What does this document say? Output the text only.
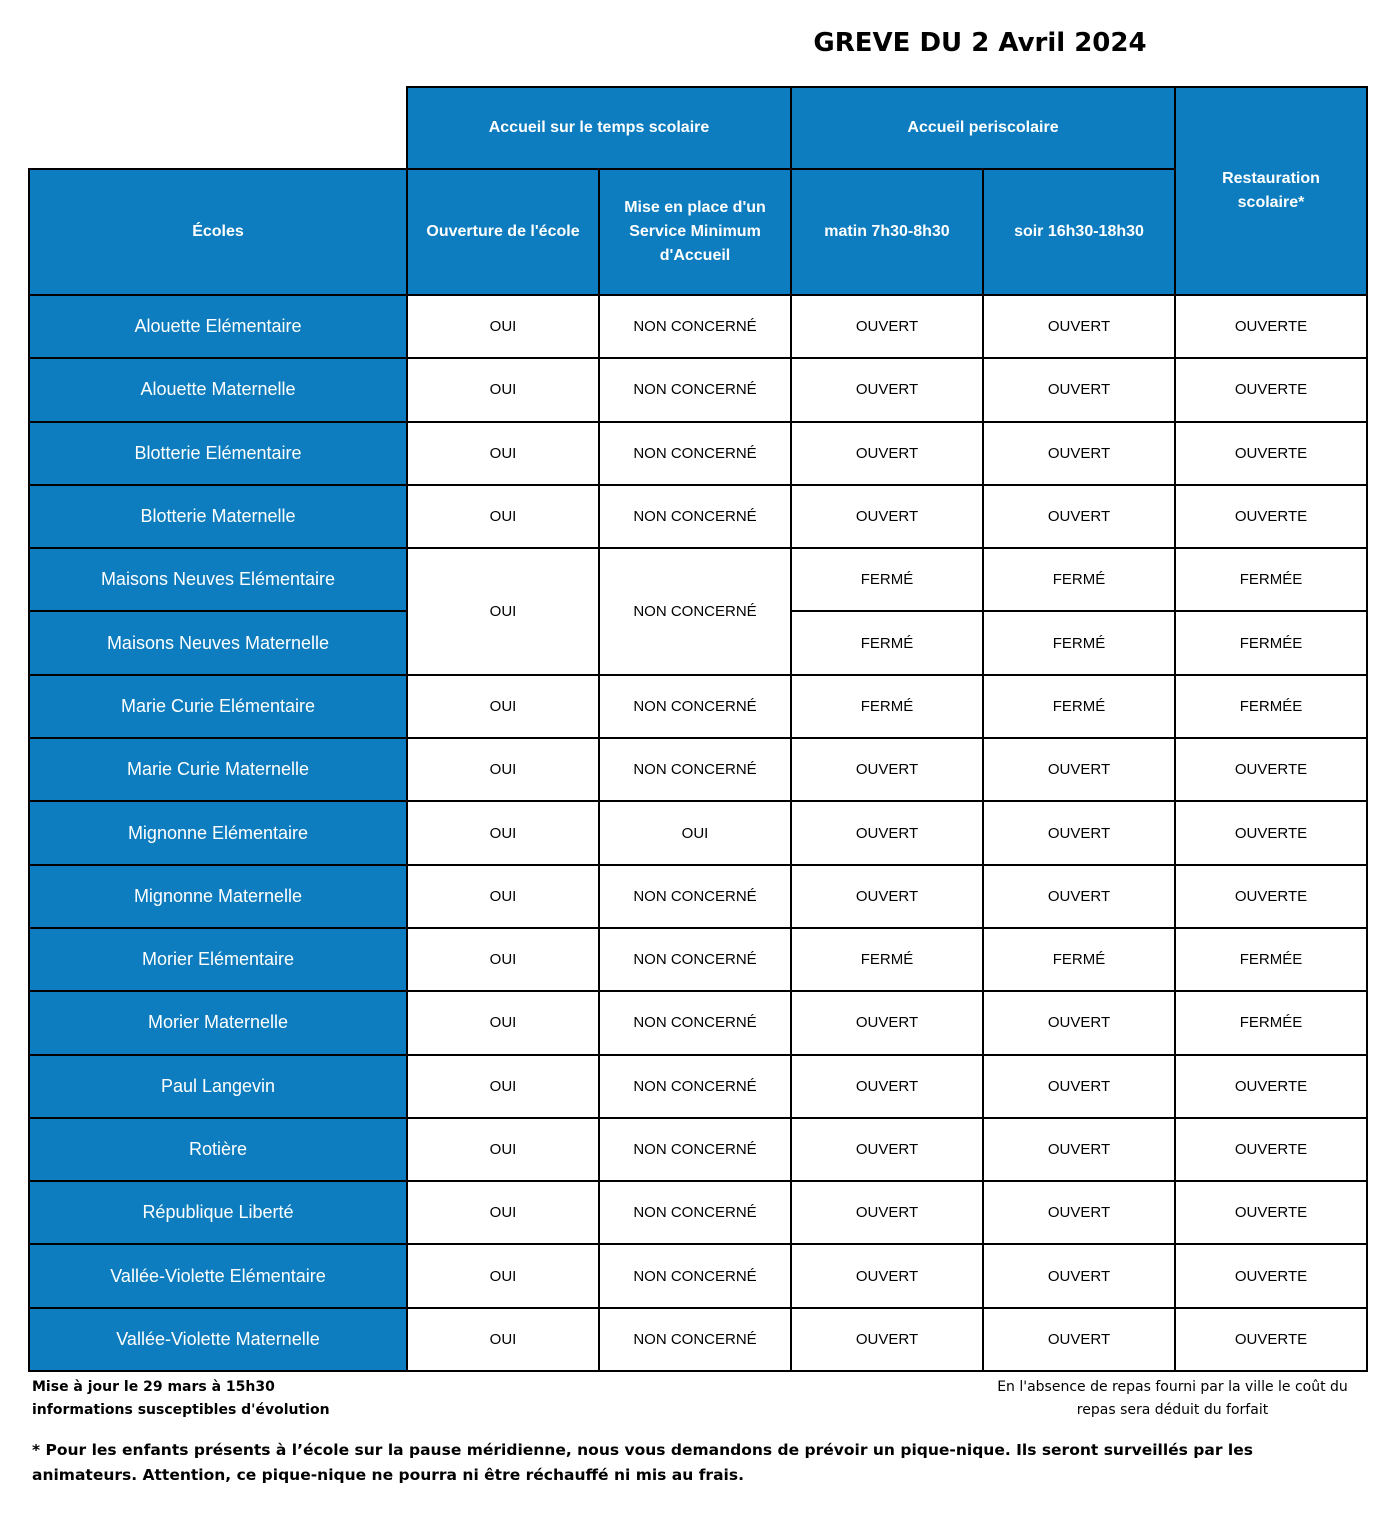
GREVE DU 2 Avril 2024
	Accueil sur le temps scolaire		Accueil periscolaire		Restauration scolaire*
Écoles	Ouverture de l'école	Mise en place d'un Service Minimum d'Accueil	matin 7h30-8h30	soir 16h30-18h30	
Alouette Elémentaire	OUI	NON CONCERNÉ	OUVERT	OUVERT	OUVERTE
Alouette Maternelle	OUI	NON CONCERNÉ	OUVERT	OUVERT	OUVERTE
Blotterie Elémentaire	OUI	NON CONCERNÉ	OUVERT	OUVERT	OUVERTE
Blotterie Maternelle	OUI	NON CONCERNÉ	OUVERT	OUVERT	OUVERTE
Maisons Neuves Elémentaire	OUI	NON CONCERNÉ	FERMÉ	FERMÉ	FERMÉE
Maisons Neuves Maternelle			FERMÉ	FERMÉ	FERMÉE
Marie Curie Elémentaire	OUI	NON CONCERNÉ	FERMÉ	FERMÉ	FERMÉE
Marie Curie Maternelle	OUI	NON CONCERNÉ	OUVERT	OUVERT	OUVERTE
Mignonne Elémentaire	OUI	OUI	OUVERT	OUVERT	OUVERTE
Mignonne Maternelle	OUI	NON CONCERNÉ	OUVERT	OUVERT	OUVERTE
Morier Elémentaire	OUI	NON CONCERNÉ	FERMÉ	FERMÉ	FERMÉE
Morier Maternelle	OUI	NON CONCERNÉ	OUVERT	OUVERT	FERMÉE
Paul Langevin	OUI	NON CONCERNÉ	OUVERT	OUVERT	OUVERTE
Rotière	OUI	NON CONCERNÉ	OUVERT	OUVERT	OUVERTE
République Liberté	OUI	NON CONCERNÉ	OUVERT	OUVERT	OUVERTE
Vallée-Violette Elémentaire	OUI	NON CONCERNÉ	OUVERT	OUVERT	OUVERTE
Vallée-Violette Maternelle	OUI	NON CONCERNÉ	OUVERT	OUVERT	OUVERTE
Mise à jour le 29 mars à 15h30
informations susceptibles d'évolution
En l'absence de repas fourni par la ville le coût du repas sera déduit du forfait
* Pour les enfants présents à l’école sur la pause méridienne, nous vous demandons de prévoir un pique-nique. Ils seront surveillés par les animateurs. Attention, ce pique-nique ne pourra ni être réchauffé ni mis au frais.
